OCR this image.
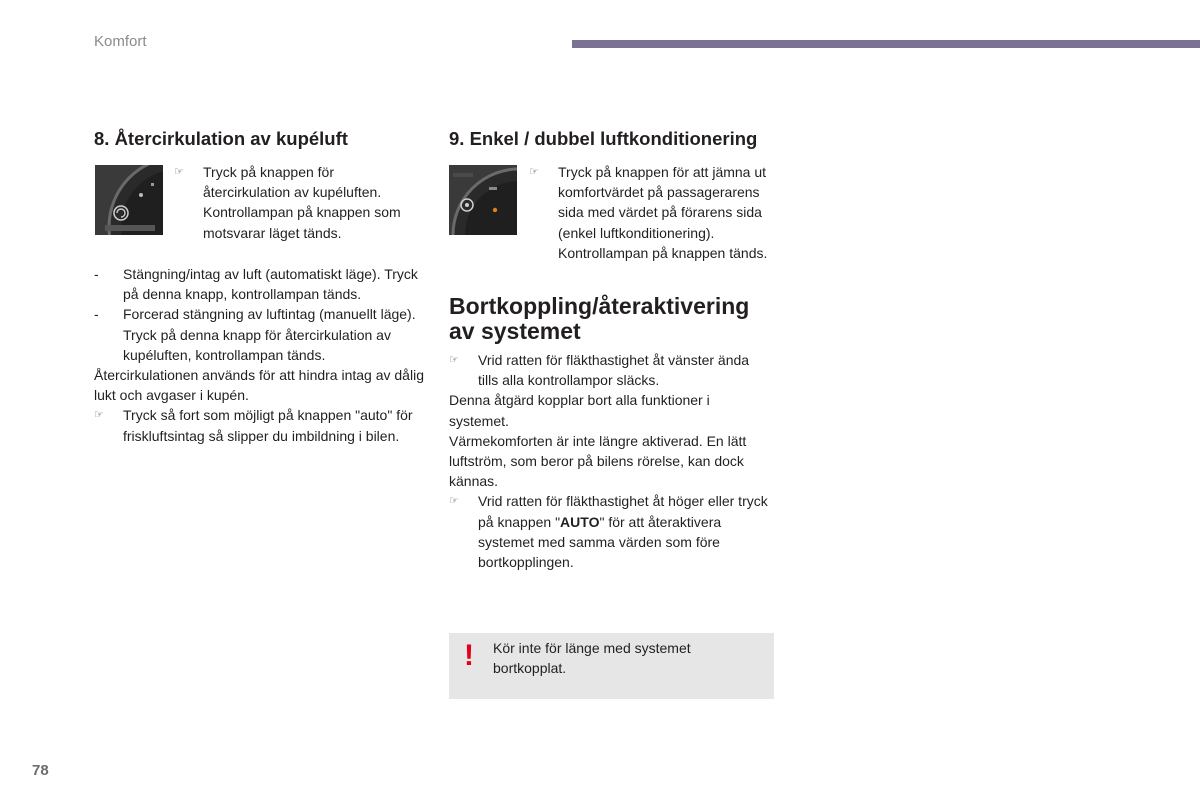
Komfort
8. Återcirkulation av kupéluft
☞	Tryck på knappen för återcirkulation av kupéluften. Kontrollampan på knappen som motsvarar läget tänds.
-	Stängning/intag av luft (automatiskt läge). Tryck på denna knapp, kontrollampan tänds.
-	Forcerad stängning av luftintag (manuellt läge). Tryck på denna knapp för återcirkulation av kupéluften, kontrollampan tänds.

Återcirkulationen används för att hindra intag av dålig lukt och avgaser i kupén.

☞	Tryck så fort som möjligt på knappen "auto" för friskluftsintag så slipper du imbildning i bilen.
9. Enkel / dubbel luftkonditionering
☞	Tryck på knappen för att jämna ut komfortvärdet på passagerarens sida med värdet på förarens sida (enkel luftkonditionering). Kontrollampan på knappen tänds.
Bortkoppling/återaktivering av systemet
☞	Vrid ratten för fläkthastighet åt vänster ända tills alla kontrollampor släcks.

Denna åtgärd kopplar bort alla funktioner i systemet.

Värmekomforten är inte längre aktiverad. En lätt luftström, som beror på bilens rörelse, kan dock kännas.

☞	Vrid ratten för fläkthastighet åt höger eller tryck på knappen "AUTO" för att återaktivera systemet med samma värden som före bortkopplingen.
! Kör inte för länge med systemet bortkopplat.
78
